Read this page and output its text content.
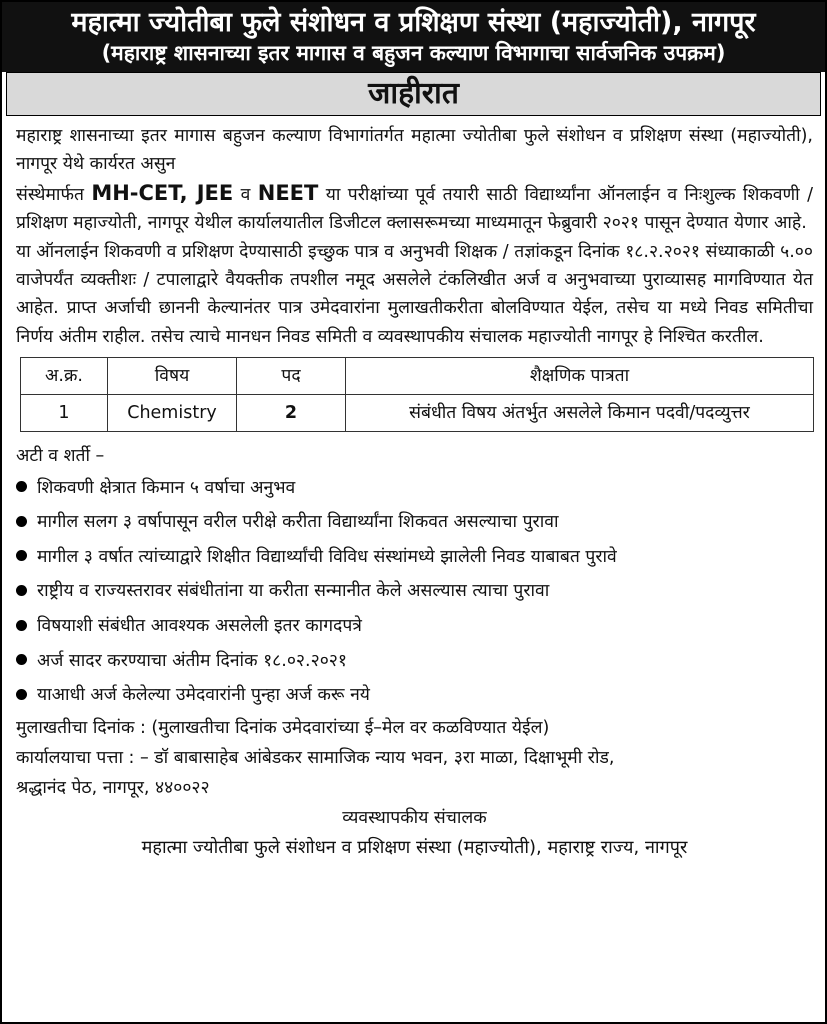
महात्मा ज्योतीबा फुले संशोधन व प्रशिक्षण संस्था (महाज्योती), नागपूर
(महाराष्ट्र शासनाच्या इतर मागास व बहुजन कल्याण विभागाचा सार्वजनिक उपक्रम)
जाहीरात

महाराष्ट्र शासनाच्या इतर मागास बहुजन कल्याण विभागांतर्गत महात्मा ज्योतीबा फुले संशोधन व प्रशिक्षण संस्था (महाज्योती), नागपूर येथे कार्यरत असुन

संस्थेमार्फत MH-CET, JEE व NEET या परीक्षांच्या पूर्व तयारी साठी विद्यार्थ्यांना ऑनलाईन व निःशुल्क शिकवणी / प्रशिक्षण महाज्योती, नागपूर येथील कार्यालयातील डिजीटल क्लासरूमच्या माध्यमातून फेब्रुवारी २०२१ पासून देण्यात येणार आहे.

या ऑनलाईन शिकवणी व प्रशिक्षण देण्यासाठी इच्छुक पात्र व अनुभवी शिक्षक / तज्ञांकडून दिनांक १८.२.२०२१ संध्याकाळी ५.०० वाजेपर्यंत व्यक्तीशः / टपालाद्वारे वैयक्तीक तपशील नमूद असलेले टंकलिखीत अर्ज व अनुभवाच्या पुराव्यासह मागविण्यात येत आहेत. प्राप्त अर्जाची छाननी केल्यानंतर पात्र उमेदवारांना मुलाखतीकरीता बोलविण्यात येईल, तसेच या मध्ये निवड समितीचा निर्णय अंतीम राहील. तसेच त्याचे मानधन निवड समिती व व्यवस्थापकीय संचालक महाज्योती नागपूर हे निश्चित करतील.

अ.क्र.	विषय	पद	शैक्षणिक पात्रता
1	Chemistry	2	संबंधीत विषय अंतर्भुत असलेले किमान पदवी/पदव्युत्तर
अटी व शर्ती –
शिकवणी क्षेत्रात किमान ५ वर्षाचा अनुभव
मागील सलग ३ वर्षापासून वरील परीक्षे करीता विद्यार्थ्यांना शिकवत असल्याचा पुरावा
मागील ३ वर्षात त्यांच्याद्वारे शिक्षीत विद्यार्थ्यांची विविध संस्थांमध्ये झालेली निवड याबाबत पुरावे
राष्ट्रीय व राज्यस्तरावर संबंधीतांना या करीता सन्मानीत केले असल्यास त्याचा पुरावा
विषयाशी संबंधीत आवश्यक असलेली इतर कागदपत्रे
अर्ज सादर करण्याचा अंतीम दिनांक १८.०२.२०२१
याआधी अर्ज केलेल्या उमेदवारांनी पुन्हा अर्ज करू नये
मुलाखतीचा दिनांक : (मुलाखतीचा दिनांक उमेदवारांच्या ई–मेल वर कळविण्यात येईल)
कार्यालयाचा पत्ता : – डॉ बाबासाहेब आंबेडकर सामाजिक न्याय भवन, ३रा माळा, दिक्षाभूमी रोड,
श्रद्धानंद पेठ, नागपूर, ४४००२२
व्यवस्थापकीय संचालक
महात्मा ज्योतीबा फुले संशोधन व प्रशिक्षण संस्था (महाज्योती), महाराष्ट्र राज्य, नागपूर
